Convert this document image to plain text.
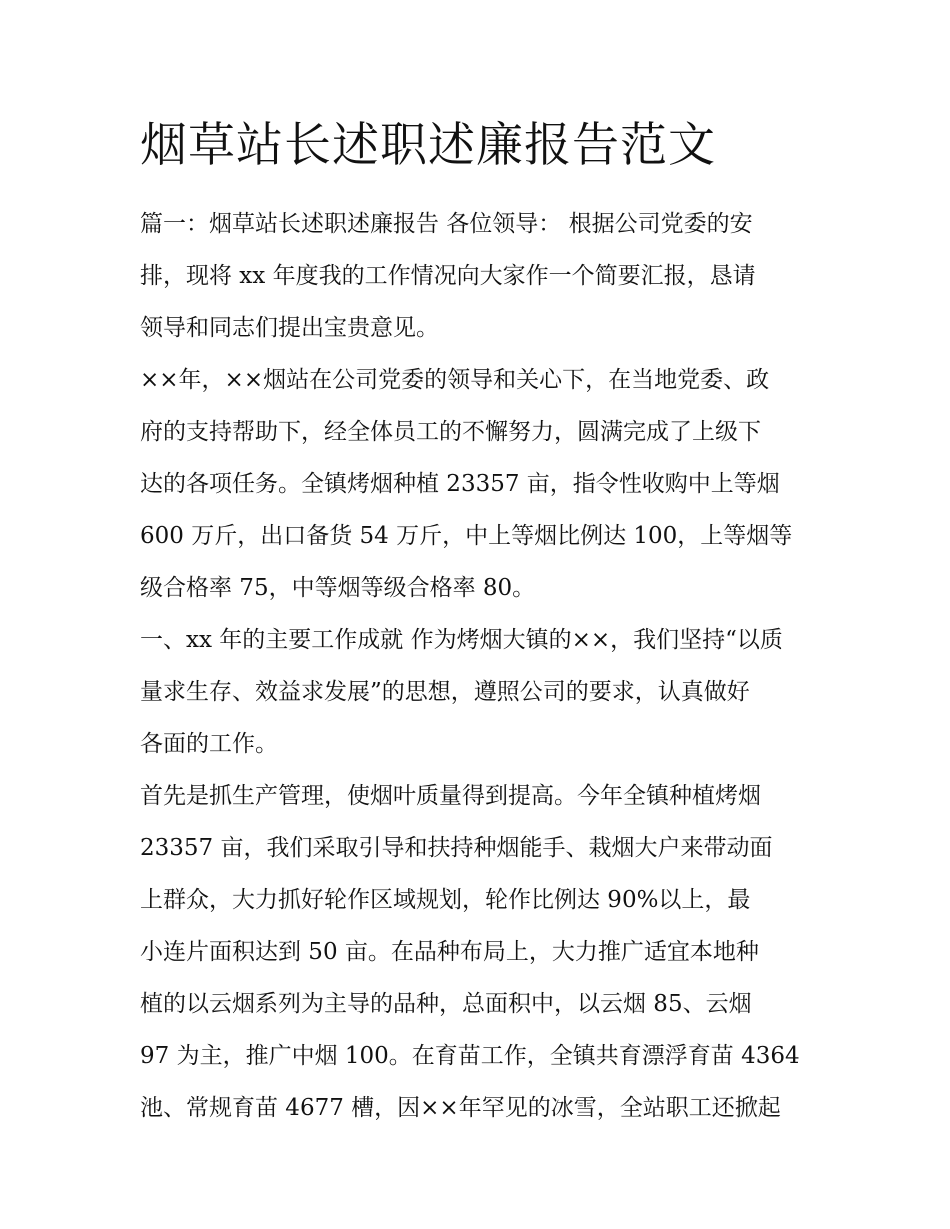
烟草站长述职述廉报告范文

篇一：烟草站长述职述廉报告 各位领导： 根据公司党委的安
排，现将 xx 年度我的工作情况向大家作一个简要汇报，恳请
领导和同志们提出宝贵意见。

××年，××烟站在公司党委的领导和关心下，在当地党委、政
府的支持帮助下，经全体员工的不懈努力，圆满完成了上级下
达的各项任务。全镇烤烟种植 23357 亩，指令性收购中上等烟
600 万斤，出口备货 54 万斤，中上等烟比例达 100，上等烟等
级合格率 75，中等烟等级合格率 80。

一、xx 年的主要工作成就 作为烤烟大镇的××，我们坚持“以质
量求生存、效益求发展”的思想，遵照公司的要求，认真做好
各面的工作。

首先是抓生产管理，使烟叶质量得到提高。今年全镇种植烤烟
23357 亩，我们采取引导和扶持种烟能手、栽烟大户来带动面
上群众，大力抓好轮作区域规划，轮作比例达 90%以上，最
小连片面积达到 50 亩。在品种布局上，大力推广适宜本地种
植的以云烟系列为主导的品种，总面积中，以云烟 85、云烟
97 为主，推广中烟 100。在育苗工作，全镇共育漂浮育苗 4364
池、常规育苗 4677 槽，因××年罕见的冰雪，全站职工还掀起
